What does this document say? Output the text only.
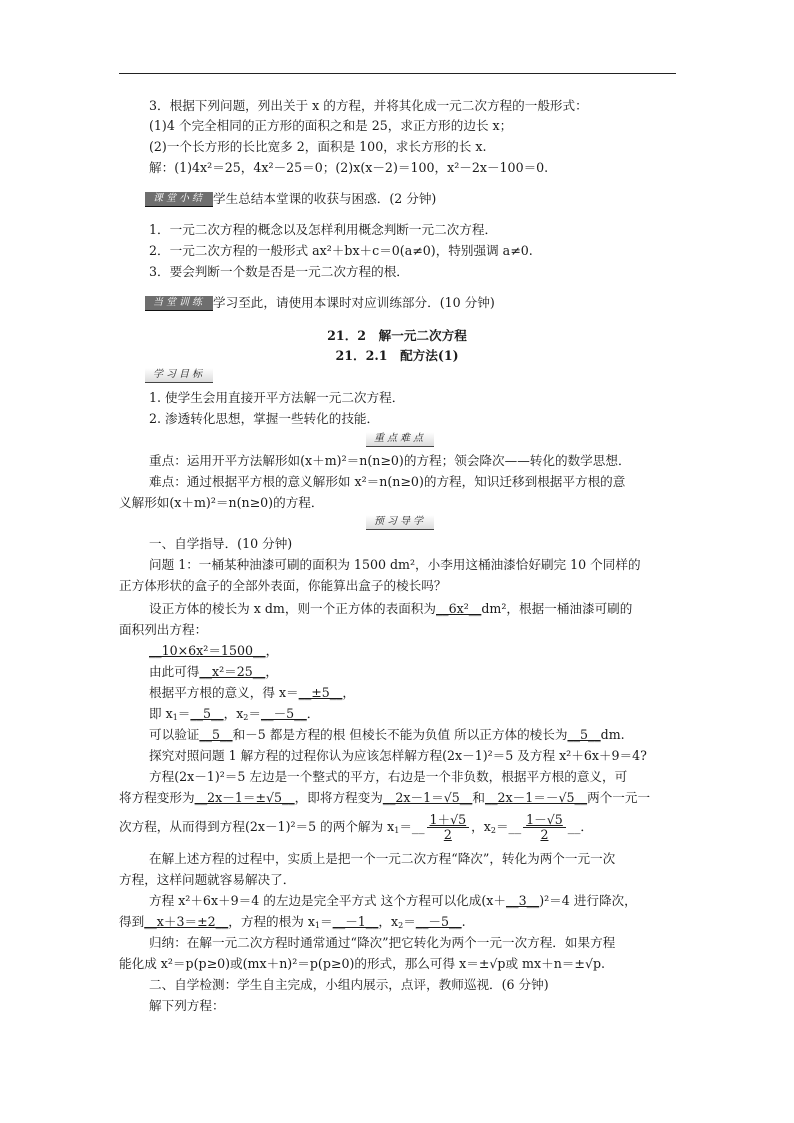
3．根据下列问题，列出关于 x 的方程，并将其化成一元二次方程的一般形式：
(1)4 个完全相同的正方形的面积之和是 25，求正方形的边长 x；
(2)一个长方形的长比宽多 2，面积是 100，求长方形的长 x.
解：(1)4x²＝25，4x²－25＝0；(2)x(x－2)＝100，x²－2x－100＝0.
课堂小结 学生总结本堂课的收获与困惑．(2 分钟)
1．一元二次方程的概念以及怎样利用概念判断一元二次方程．
2．一元二次方程的一般形式 ax²＋bx＋c＝0(a≠0)，特别强调 a≠0.
3．要会判断一个数是否是一元二次方程的根．
当堂训练 学习至此，请使用本课时对应训练部分．(10 分钟)
21．2　解一元二次方程
21．2.1　配方法(1)
学习目标
1. 使学生会用直接开平方法解一元二次方程．
2. 渗透转化思想，掌握一些转化的技能．
重点难点
重点：运用开平方法解形如(x＋m)²＝n(n≥0)的方程；领会降次——转化的数学思想．
难点：通过根据平方根的意义解形如 x²＝n(n≥0)的方程，知识迁移到根据平方根的意
义解形如(x＋m)²＝n(n≥0)的方程．
预习导学
一、自学指导．(10 分钟)
问题 1：一桶某种油漆可刷的面积为 1500 dm²，小李用这桶油漆恰好刷完 10 个同样的
正方体形状的盒子的全部外表面，你能算出盒子的棱长吗？
设正方体的棱长为 x dm，则一个正方体的表面积为__6x²__dm²，根据一桶油漆可刷的
面积列出方程：
__10×6x²＝1500__，
由此可得__x²＝25__，
根据平方根的意义，得 x＝__±5__，
即 $x_1=\_\_5\_\_$，$x_2=\_\_-5\_\_$．
可以验证__5__和－5 都是方程的根 但棱长不能为负值 所以正方体的棱长为__5__dm.
探究对照问题 1 解方程的过程你认为应该怎样解方程(2x－1)²＝5 及方程 x²＋6x＋9＝4?
方程(2x－1)²＝5 左边是一个整式的平方，右边是一个非负数，根据平方根的意义，可
将方程变形为__2x－1＝±√5__，即将方程变为__2x－1＝√5__和__2x－1＝－√5__两个一元一
次方程，从而得到方程(2x－1)²＝5 的两个解为 $x_1=\_\_ \frac{1+√5}{2}$ ，$x_2=\_\_ \frac{1-√5}{2}$ __．
在解上述方程的过程中，实质上是把一个一元二次方程“降次”，转化为两个一元一次
方程，这样问题就容易解决了．
方程 x²＋6x＋9＝4 的左边是完全平方式 这个方程可以化成(x＋__3__)²＝4 进行降次，
得到__x＋3＝±2__，方程的根为 $x_1=\_\_-1\_\_$，$x_2=\_\_-5\_\_$.
归纳：在解一元二次方程时通常通过“降次”把它转化为两个一元一次方程．如果方程
能化成 x²＝p(p≥0)或(mx＋n)²＝p(p≥0)的形式，那么可得 x＝±√p或 mx＋n＝±√p.
二、自学检测：学生自主完成，小组内展示，点评，教师巡视．(6 分钟)
解下列方程：
